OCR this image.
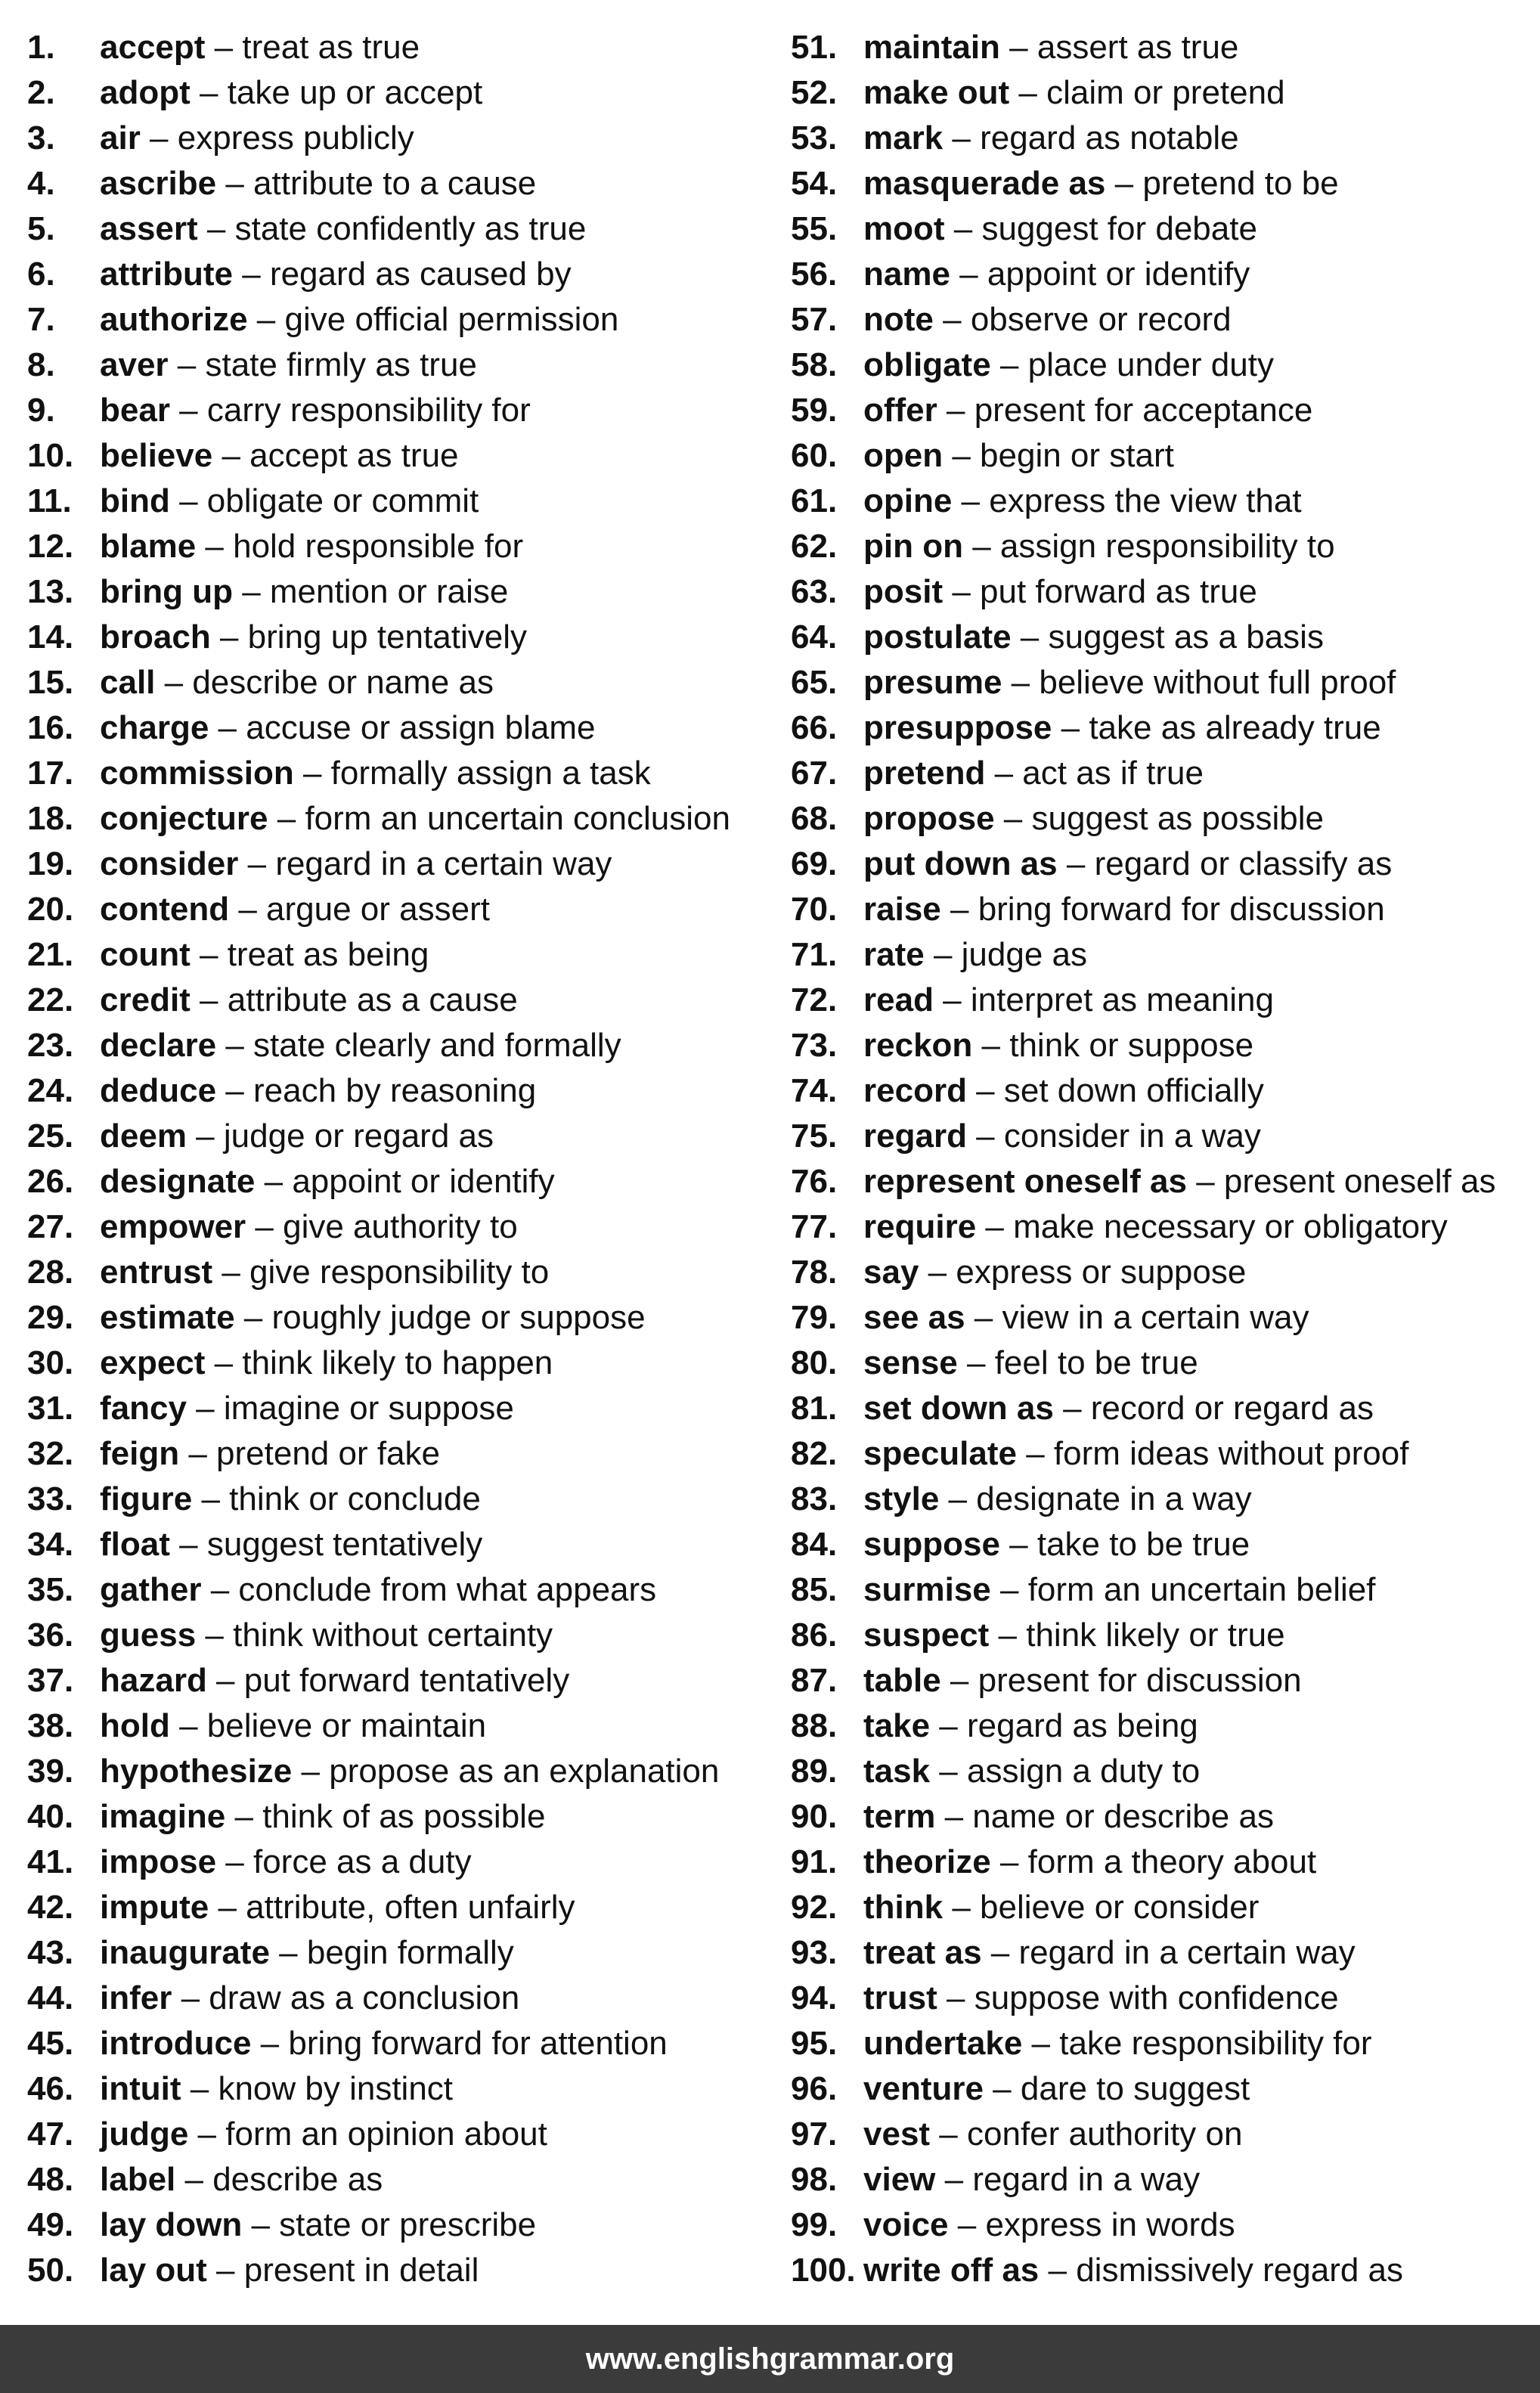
1. accept – treat as true
2. adopt – take up or accept
3. air – express publicly
4. ascribe – attribute to a cause
5. assert – state confidently as true
6. attribute – regard as caused by
7. authorize – give official permission
8. aver – state firmly as true
9. bear – carry responsibility for
10. believe – accept as true
11. bind – obligate or commit
12. blame – hold responsible for
13. bring up – mention or raise
14. broach – bring up tentatively
15. call – describe or name as
16. charge – accuse or assign blame
17. commission – formally assign a task
18. conjecture – form an uncertain conclusion
19. consider – regard in a certain way
20. contend – argue or assert
21. count – treat as being
22. credit – attribute as a cause
23. declare – state clearly and formally
24. deduce – reach by reasoning
25. deem – judge or regard as
26. designate – appoint or identify
27. empower – give authority to
28. entrust – give responsibility to
29. estimate – roughly judge or suppose
30. expect – think likely to happen
31. fancy – imagine or suppose
32. feign – pretend or fake
33. figure – think or conclude
34. float – suggest tentatively
35. gather – conclude from what appears
36. guess – think without certainty
37. hazard – put forward tentatively
38. hold – believe or maintain
39. hypothesize – propose as an explanation
40. imagine – think of as possible
41. impose – force as a duty
42. impute – attribute, often unfairly
43. inaugurate – begin formally
44. infer – draw as a conclusion
45. introduce – bring forward for attention
46. intuit – know by instinct
47. judge – form an opinion about
48. label – describe as
49. lay down – state or prescribe
50. lay out – present in detail
51. maintain – assert as true
52. make out – claim or pretend
53. mark – regard as notable
54. masquerade as – pretend to be
55. moot – suggest for debate
56. name – appoint or identify
57. note – observe or record
58. obligate – place under duty
59. offer – present for acceptance
60. open – begin or start
61. opine – express the view that
62. pin on – assign responsibility to
63. posit – put forward as true
64. postulate – suggest as a basis
65. presume – believe without full proof
66. presuppose – take as already true
67. pretend – act as if true
68. propose – suggest as possible
69. put down as – regard or classify as
70. raise – bring forward for discussion
71. rate – judge as
72. read – interpret as meaning
73. reckon – think or suppose
74. record – set down officially
75. regard – consider in a way
76. represent oneself as – present oneself as
77. require – make necessary or obligatory
78. say – express or suppose
79. see as – view in a certain way
80. sense – feel to be true
81. set down as – record or regard as
82. speculate – form ideas without proof
83. style – designate in a way
84. suppose – take to be true
85. surmise – form an uncertain belief
86. suspect – think likely or true
87. table – present for discussion
88. take – regard as being
89. task – assign a duty to
90. term – name or describe as
91. theorize – form a theory about
92. think – believe or consider
93. treat as – regard in a certain way
94. trust – suppose with confidence
95. undertake – take responsibility for
96. venture – dare to suggest
97. vest – confer authority on
98. view – regard in a way
99. voice – express in words
100. write off as – dismissively regard as
www.englishgrammar.org
